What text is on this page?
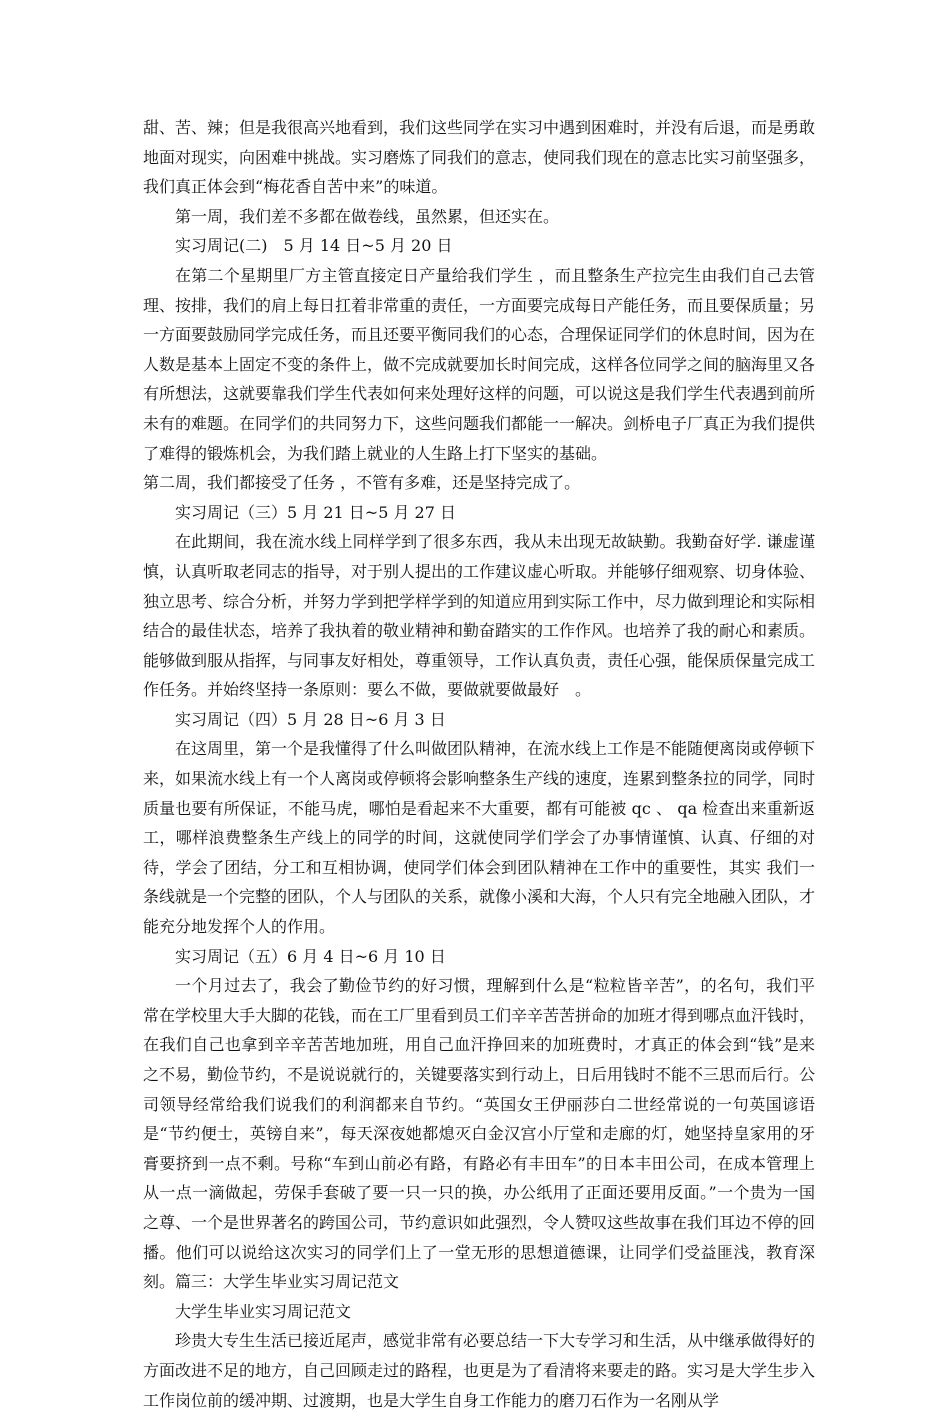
甜、苦、辣；但是我很高兴地看到，我们这些同学在实习中遇到困难时，并没有后退，而是勇敢地面对现实，向困难中挑战。实习磨炼了同我们的意志，使同我们现在的意志比实习前坚强多，我们真正体会到“梅花香自苦中来”的味道。

第一周，我们差不多都在做卷线，虽然累，但还实在。

实习周记(二)　5 月 14 日~5 月 20 日

在第二个星期里厂方主管直接定日产量给我们学生 ，而且整条生产拉完生由我们自己去管理、按排，我们的肩上每日扛着非常重的责任，一方面要完成每日产能任务，而且要保质量；另一方面要鼓励同学完成任务，而且还要平衡同我们的心态，合理保证同学们的休息时间，因为在人数是基本上固定不变的条件上，做不完成就要加长时间完成，这样各位同学之间的脑海里又各有所想法，这就要靠我们学生代表如何来处理好这样的问题，可以说这是我们学生代表遇到前所未有的难题。在同学们的共同努力下，这些问题我们都能一一解决。剑桥电子厂真正为我们提供了难得的锻炼机会，为我们踏上就业的人生路上打下坚实的基础。

第二周，我们都接受了任务 ，不管有多难，还是坚持完成了。

实习周记（三）5 月 21 日~5 月 27 日

在此期间，我在流水线上同样学到了很多东西，我从未出现无故缺勤。我勤奋好学. 谦虚谨慎，认真听取老同志的指导，对于别人提出的工作建议虚心听取。并能够仔细观察、切身体验、独立思考、综合分析，并努力学到把学样学到的知道应用到实际工作中，尽力做到理论和实际相结合的最佳状态，培养了我执着的敬业精神和勤奋踏实的工作作风。也培养了我的耐心和素质。能够做到服从指挥，与同事友好相处，尊重领导，工作认真负责，责任心强，能保质保量完成工作任务。并始终坚持一条原则：要么不做，要做就要做最好　。

实习周记（四）5 月 28 日~6 月 3 日

在这周里，第一个是我懂得了什么叫做团队精神，在流水线上工作是不能随便离岗或停顿下来，如果流水线上有一个人离岗或停顿将会影响整条生产线的速度，连累到整条拉的同学，同时质量也要有所保证，不能马虎，哪怕是看起来不大重要，都有可能被 qc 、 qa 检查出来重新返工，哪样浪费整条生产线上的同学的时间，这就使同学们学会了办事情谨慎、认真、仔细的对待，学会了团结，分工和互相协调，使同学们体会到团队精神在工作中的重要性，其实 我们一条线就是一个完整的团队，个人与团队的关系，就像小溪和大海，个人只有完全地融入团队，才能充分地发挥个人的作用。

实习周记（五）6 月 4 日~6 月 10 日

一个月过去了，我会了勤俭节约的好习惯，理解到什么是“粒粒皆辛苦”，的名句，我们平常在学校里大手大脚的花钱，而在工厂里看到员工们辛辛苦苦拼命的加班才得到哪点血汗钱时，在我们自己也拿到辛辛苦苦地加班，用自己血汗挣回来的加班费时，才真正的体会到“钱”是来之不易，勤俭节约，不是说说就行的，关键要落实到行动上，日后用钱时不能不三思而后行。公司领导经常给我们说我们的利润都来自节约。“英国女王伊丽莎白二世经常说的一句英国谚语是“节约便士，英镑自来”，每天深夜她都熄灭白金汉宫小厅堂和走廊的灯，她坚持皇家用的牙膏要挤到一点不剩。号称“车到山前必有路，有路必有丰田车”的日本丰田公司，在成本管理上从一点一滴做起，劳保手套破了要一只一只的换，办公纸用了正面还要用反面。”一个贵为一国之尊、一个是世界著名的跨国公司，节约意识如此强烈，令人赞叹这些故事在我们耳边不停的回播。他们可以说给这次实习的同学们上了一堂无形的思想道德课，让同学们受益匪浅，教育深刻。篇三：大学生毕业实习周记范文

大学生毕业实习周记范文

珍贵大专生生活已接近尾声，感觉非常有必要总结一下大专学习和生活，从中继承做得好的方面改进不足的地方，自己回顾走过的路程，也更是为了看清将来要走的路。实习是大学生步入工作岗位前的缓冲期、过渡期，也是大学生自身工作能力的磨刀石作为一名刚从学
